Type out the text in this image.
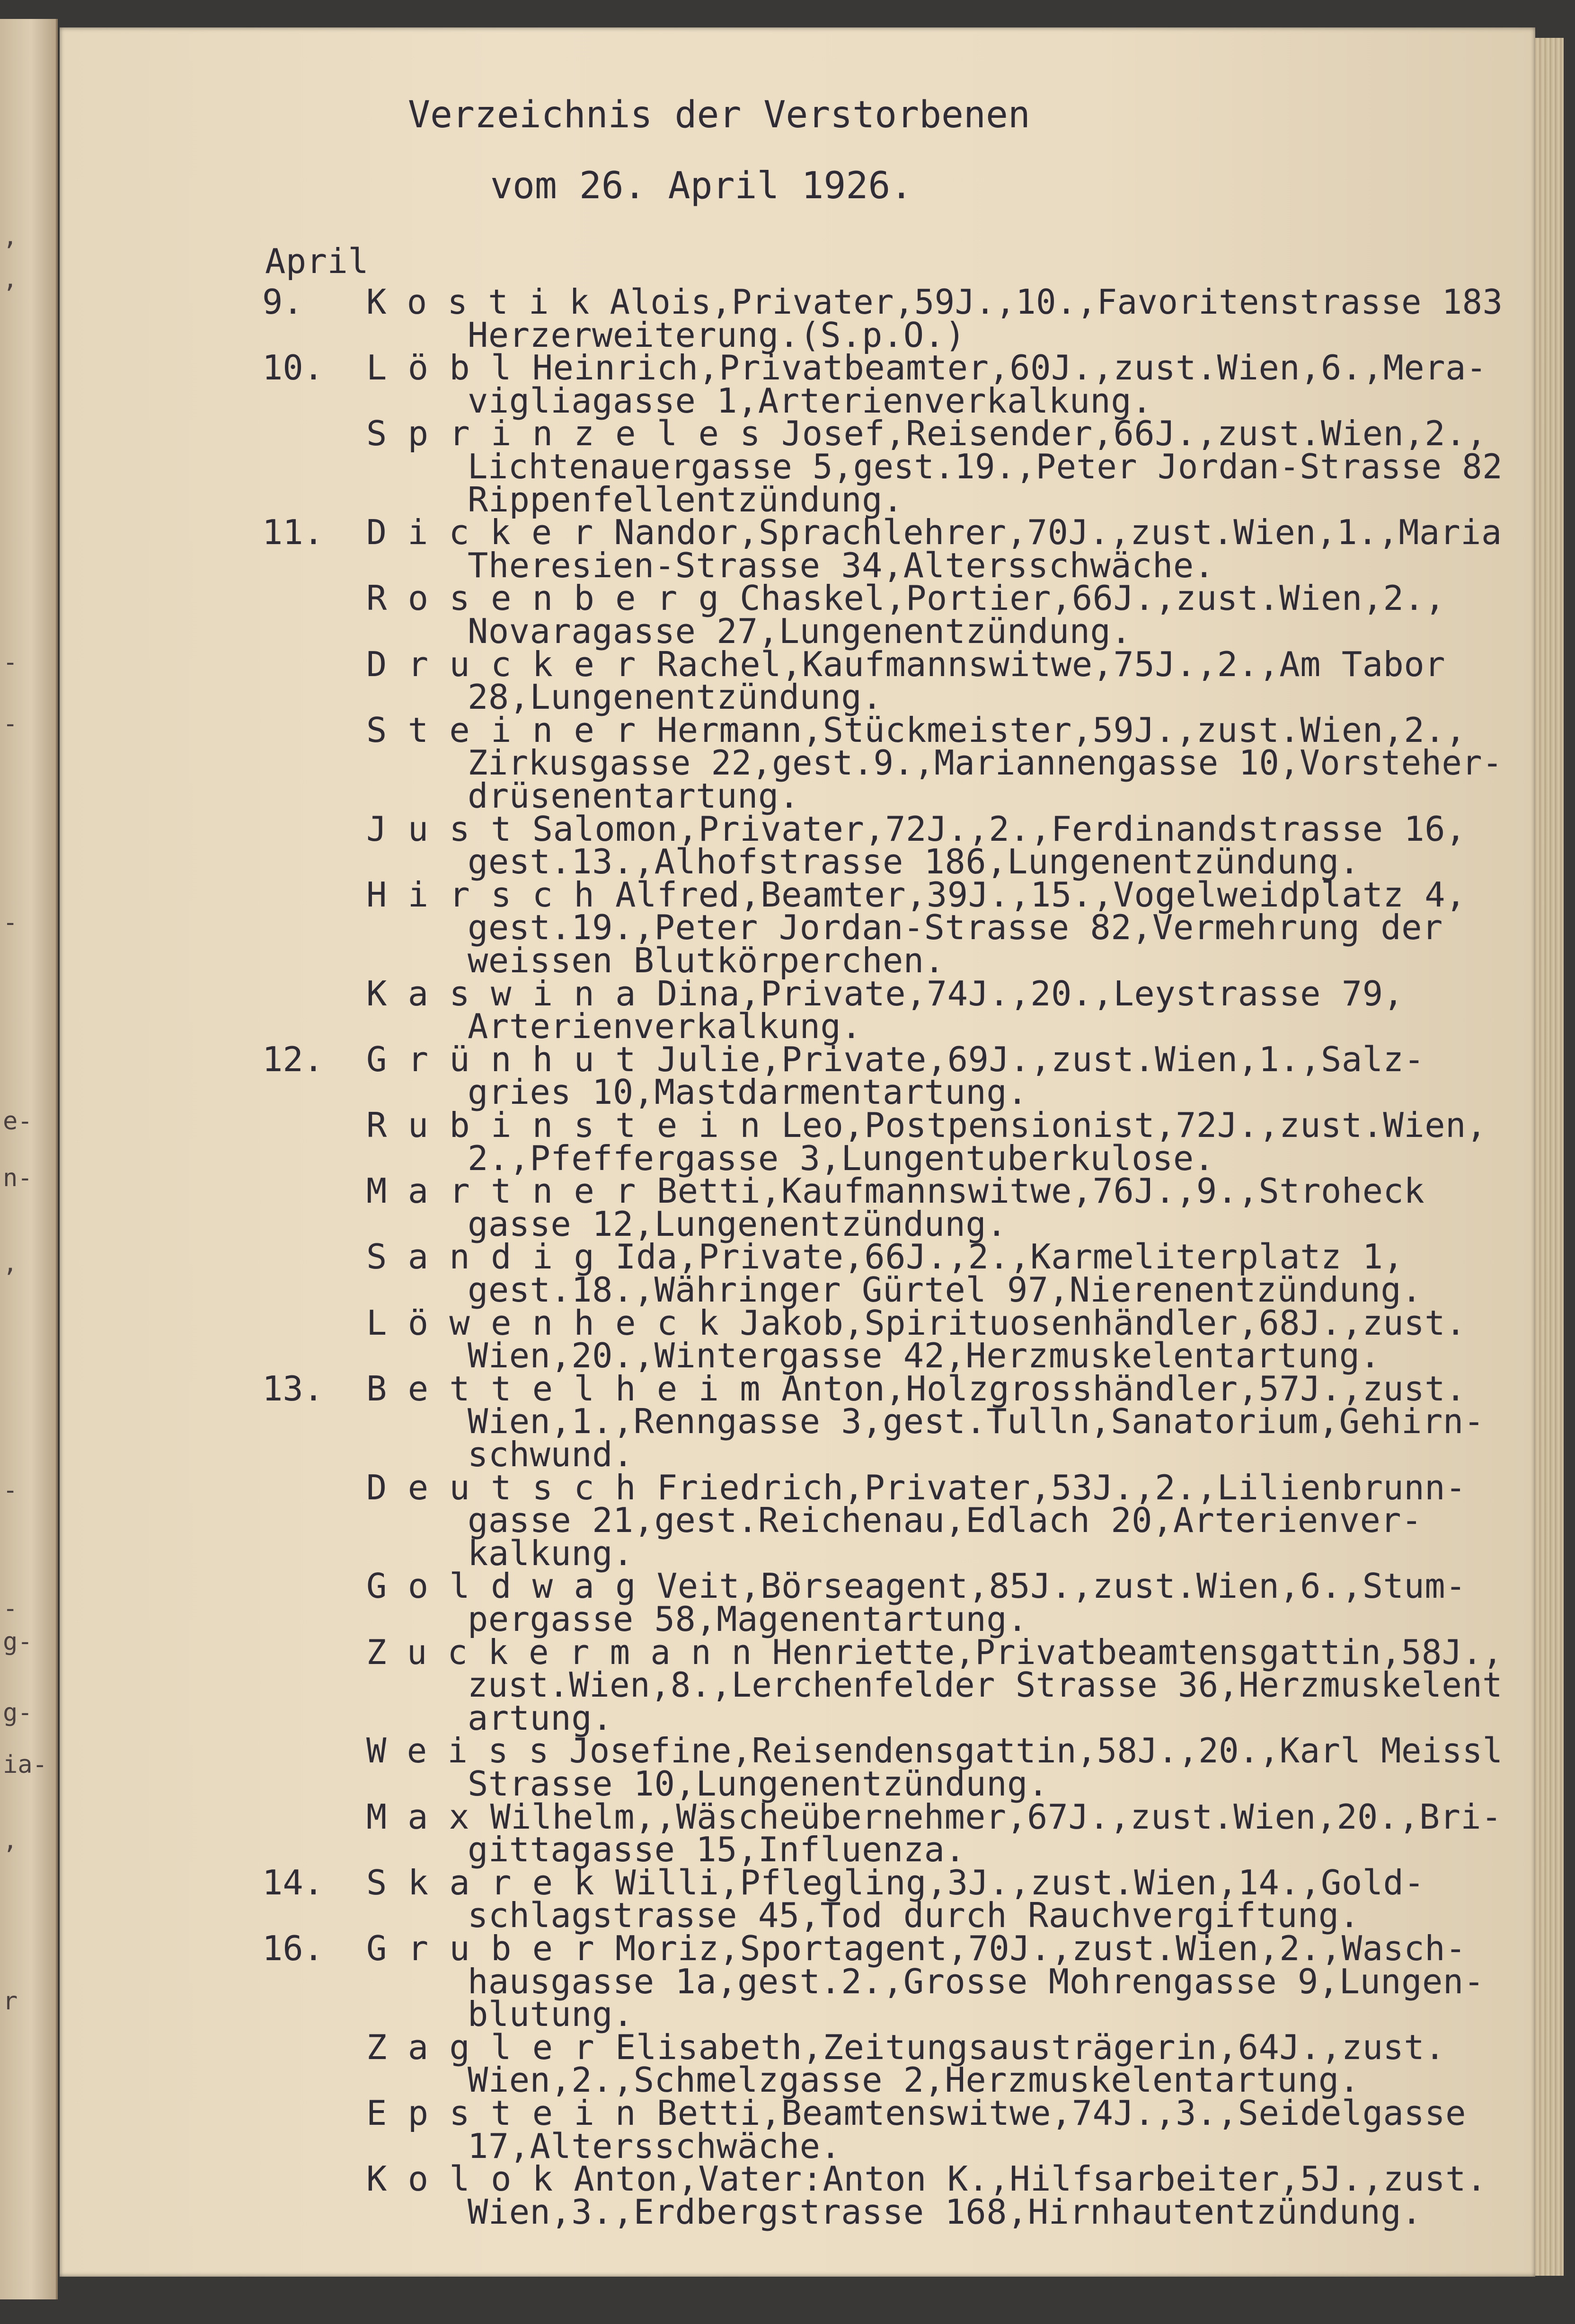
,
,
-
-
-
e-
n-
,
-
-
g-
g-
ia-
,
r
Verzeichnis der Verstorbenen
vom 26. April 1926.
April
9. K o s t i k Alois,Privater,59J.,10.,Favoritenstrasse 183
Herzerweiterung.(S.p.O.)
10. L ö b l Heinrich,Privatbeamter,60J.,zust.Wien,6.,Mera-
vigliagasse 1,Arterienverkalkung.
S p r i n z e l e s Josef,Reisender,66J.,zust.Wien,2.,
Lichtenauergasse 5,gest.19.,Peter Jordan-Strasse 82
Rippenfellentzündung.
11. D i c k e r Nandor,Sprachlehrer,70J.,zust.Wien,1.,Maria
Theresien-Strasse 34,Altersschwäche.
R o s e n b e r g Chaskel,Portier,66J.,zust.Wien,2.,
Novaragasse 27,Lungenentzündung.
D r u c k e r Rachel,Kaufmannswitwe,75J.,2.,Am Tabor
28,Lungenentzündung.
S t e i n e r Hermann,Stückmeister,59J.,zust.Wien,2.,
Zirkusgasse 22,gest.9.,Mariannengasse 10,Vorsteher-
drüsenentartung.
J u s t Salomon,Privater,72J.,2.,Ferdinandstrasse 16,
gest.13.,Alhofstrasse 186,Lungenentzündung.
H i r s c h Alfred,Beamter,39J.,15.,Vogelweidplatz 4,
gest.19.,Peter Jordan-Strasse 82,Vermehrung der
weissen Blutkörperchen.
K a s w i n a Dina,Private,74J.,20.,Leystrasse 79,
Arterienverkalkung.
12. G r ü n h u t Julie,Private,69J.,zust.Wien,1.,Salz-
gries 10,Mastdarmentartung.
R u b i n s t e i n Leo,Postpensionist,72J.,zust.Wien,
2.,Pfeffergasse 3,Lungentuberkulose.
M a r t n e r Betti,Kaufmannswitwe,76J.,9.,Stroheck
gasse 12,Lungenentzündung.
S a n d i g Ida,Private,66J.,2.,Karmeliterplatz 1,
gest.18.,Währinger Gürtel 97,Nierenentzündung.
L ö w e n h e c k Jakob,Spirituosenhändler,68J.,zust.
Wien,20.,Wintergasse 42,Herzmuskelentartung.
13. B e t t e l h e i m Anton,Holzgrosshändler,57J.,zust.
Wien,1.,Renngasse 3,gest.Tulln,Sanatorium,Gehirn-
schwund.
D e u t s c h Friedrich,Privater,53J.,2.,Lilienbrunn-
gasse 21,gest.Reichenau,Edlach 20,Arterienver-
kalkung.
G o l d w a g Veit,Börseagent,85J.,zust.Wien,6.,Stum-
pergasse 58,Magenentartung.
Z u c k e r m a n n Henriette,Privatbeamtensgattin,58J.,
zust.Wien,8.,Lerchenfelder Strasse 36,Herzmuskelent
artung.
W e i s s Josefine,Reisendensgattin,58J.,20.,Karl Meissl
Strasse 10,Lungenentzündung.
M a x Wilhelm,,Wäscheübernehmer,67J.,zust.Wien,20.,Bri-
gittagasse 15,Influenza.
14. S k a r e k Willi,Pflegling,3J.,zust.Wien,14.,Gold-
schlagstrasse 45,Tod durch Rauchvergiftung.
16. G r u b e r Moriz,Sportagent,70J.,zust.Wien,2.,Wasch-
hausgasse 1a,gest.2.,Grosse Mohrengasse 9,Lungen-
blutung.
Z a g l e r Elisabeth,Zeitungsausträgerin,64J.,zust.
Wien,2.,Schmelzgasse 2,Herzmuskelentartung.
E p s t e i n Betti,Beamtenswitwe,74J.,3.,Seidelgasse
17,Altersschwäche.
K o l o k Anton,Vater:Anton K.,Hilfsarbeiter,5J.,zust.
Wien,3.,Erdbergstrasse 168,Hirnhautentzündung.
